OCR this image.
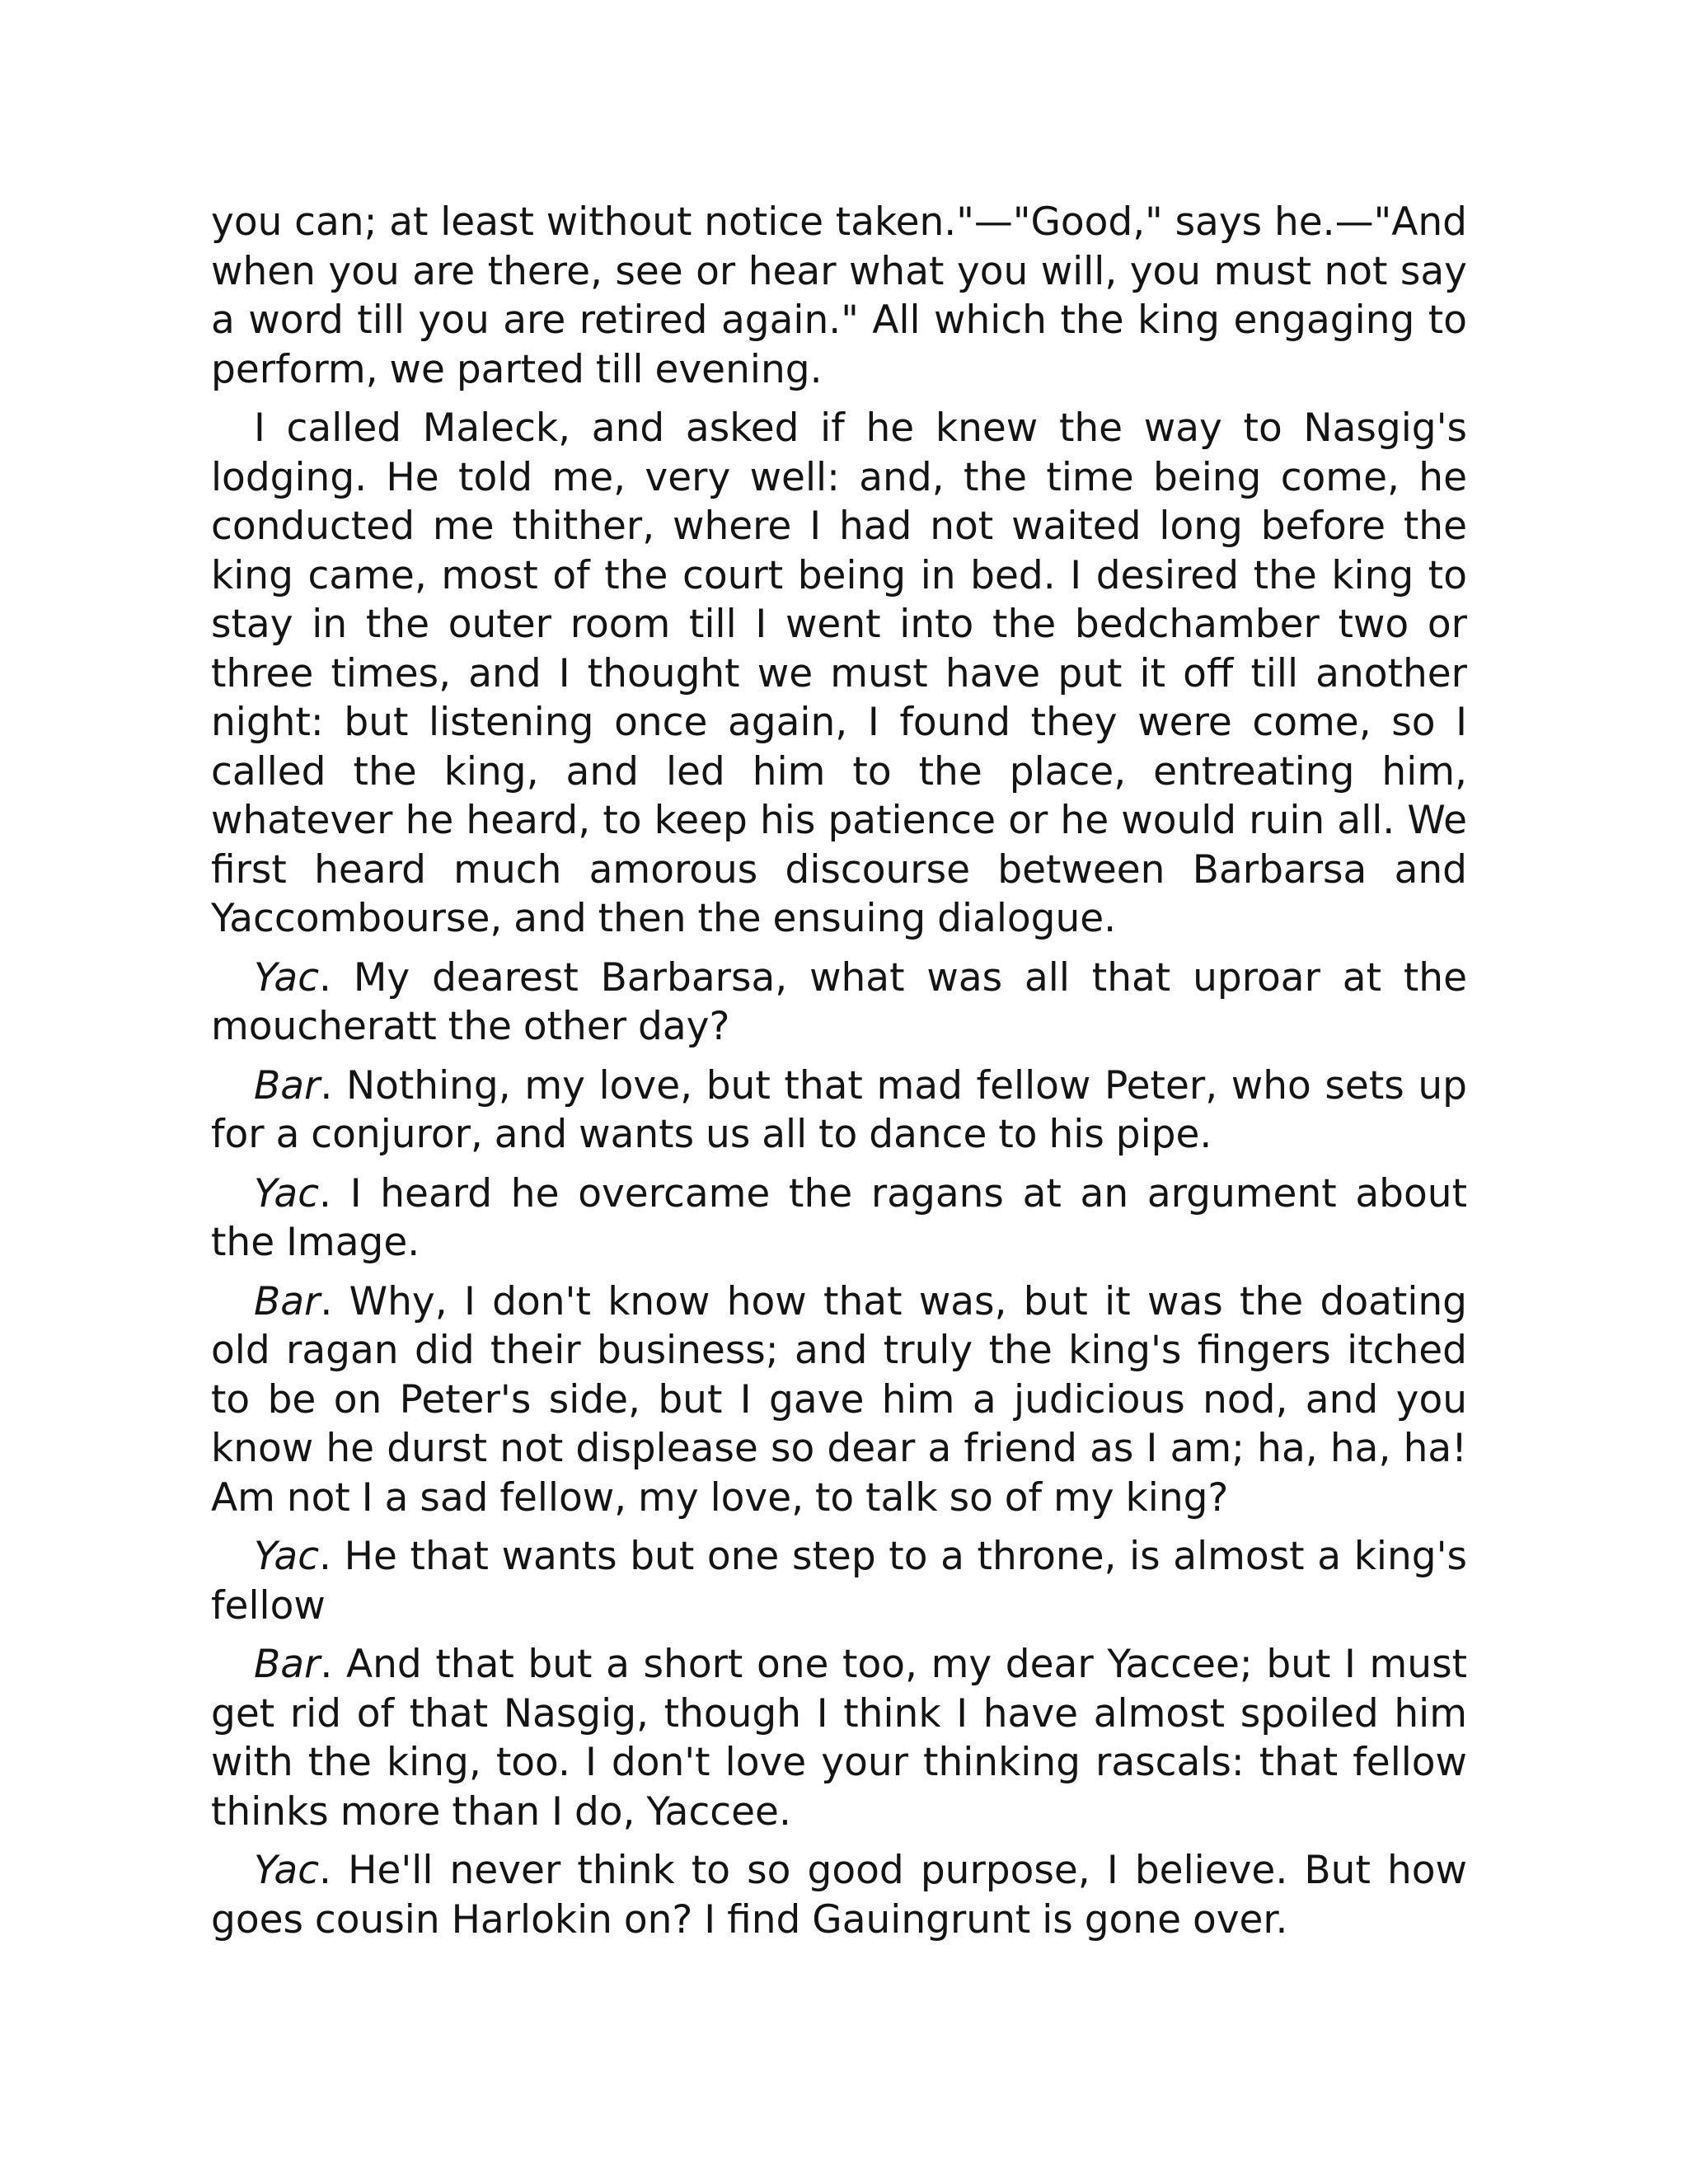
you can; at least without notice taken."—"Good," says he.—"And when you are there, see or hear what you will, you must not say a word till you are retired again." All which the king engaging to perform, we parted till evening.

I called Maleck, and asked if he knew the way to Nasgig's lodging. He told me, very well: and, the time being come, he conducted me thither, where I had not waited long before the king came, most of the court being in bed. I desired the king to stay in the outer room till I went into the bedchamber two or three times, and I thought we must have put it off till another night: but listening once again, I found they were come, so I called the king, and led him to the place, entreating him, whatever he heard, to keep his patience or he would ruin all. We first heard much amorous discourse between Barbarsa and Yaccombourse, and then the ensuing dialogue.

Yac. My dearest Barbarsa, what was all that uproar at the moucheratt the other day?

Bar. Nothing, my love, but that mad fellow Peter, who sets up for a conjuror, and wants us all to dance to his pipe.

Yac. I heard he overcame the ragans at an argument about the Image.

Bar. Why, I don't know how that was, but it was the doating old ragan did their business; and truly the king's fingers itched to be on Peter's side, but I gave him a judicious nod, and you know he durst not displease so dear a friend as I am; ha, ha, ha! Am not I a sad fellow, my love, to talk so of my king?

Yac. He that wants but one step to a throne, is almost a king's fellow

Bar. And that but a short one too, my dear Yaccee; but I must get rid of that Nasgig, though I think I have almost spoiled him with the king, too. I don't love your thinking rascals: that fellow thinks more than I do, Yaccee.

Yac. He'll never think to so good purpose, I believe. But how goes cousin Harlokin on? I find Gauingrunt is gone over.
